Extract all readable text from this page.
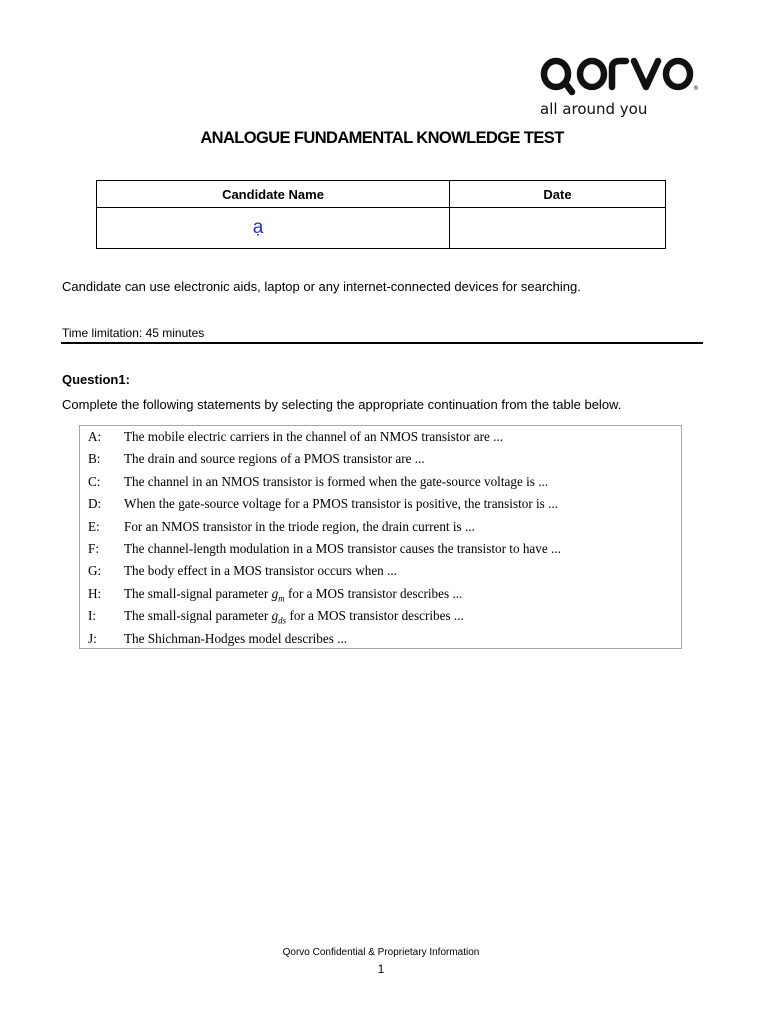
®
all around you
ANALOGUE FUNDAMENTAL KNOWLEDGE TEST
Candidate Name	Date
ạ	
Candidate can use electronic aids, laptop or any internet-connected devices for searching.
Time limitation: 45 minutes
Question1:
Complete the following statements by selecting the appropriate continuation from the table below.
A: The mobile electric carriers in the channel of an NMOS transistor are ...
B: The drain and source regions of a PMOS transistor are ...
C: The channel in an NMOS transistor is formed when the gate-source voltage is ...
D: When the gate-source voltage for a PMOS transistor is positive, the transistor is ...
E: For an NMOS transistor in the triode region, the drain current is ...
F: The channel-length modulation in a MOS transistor causes the transistor to have ...
G: The body effect in a MOS transistor occurs when ...
H: The small-signal parameter $g_m$ for a MOS transistor describes ...
I: The small-signal parameter $g_{ds}$ for a MOS transistor describes ...
J: The Shichman-Hodges model describes ...
Qorvo Confidential & Proprietary Information
1
